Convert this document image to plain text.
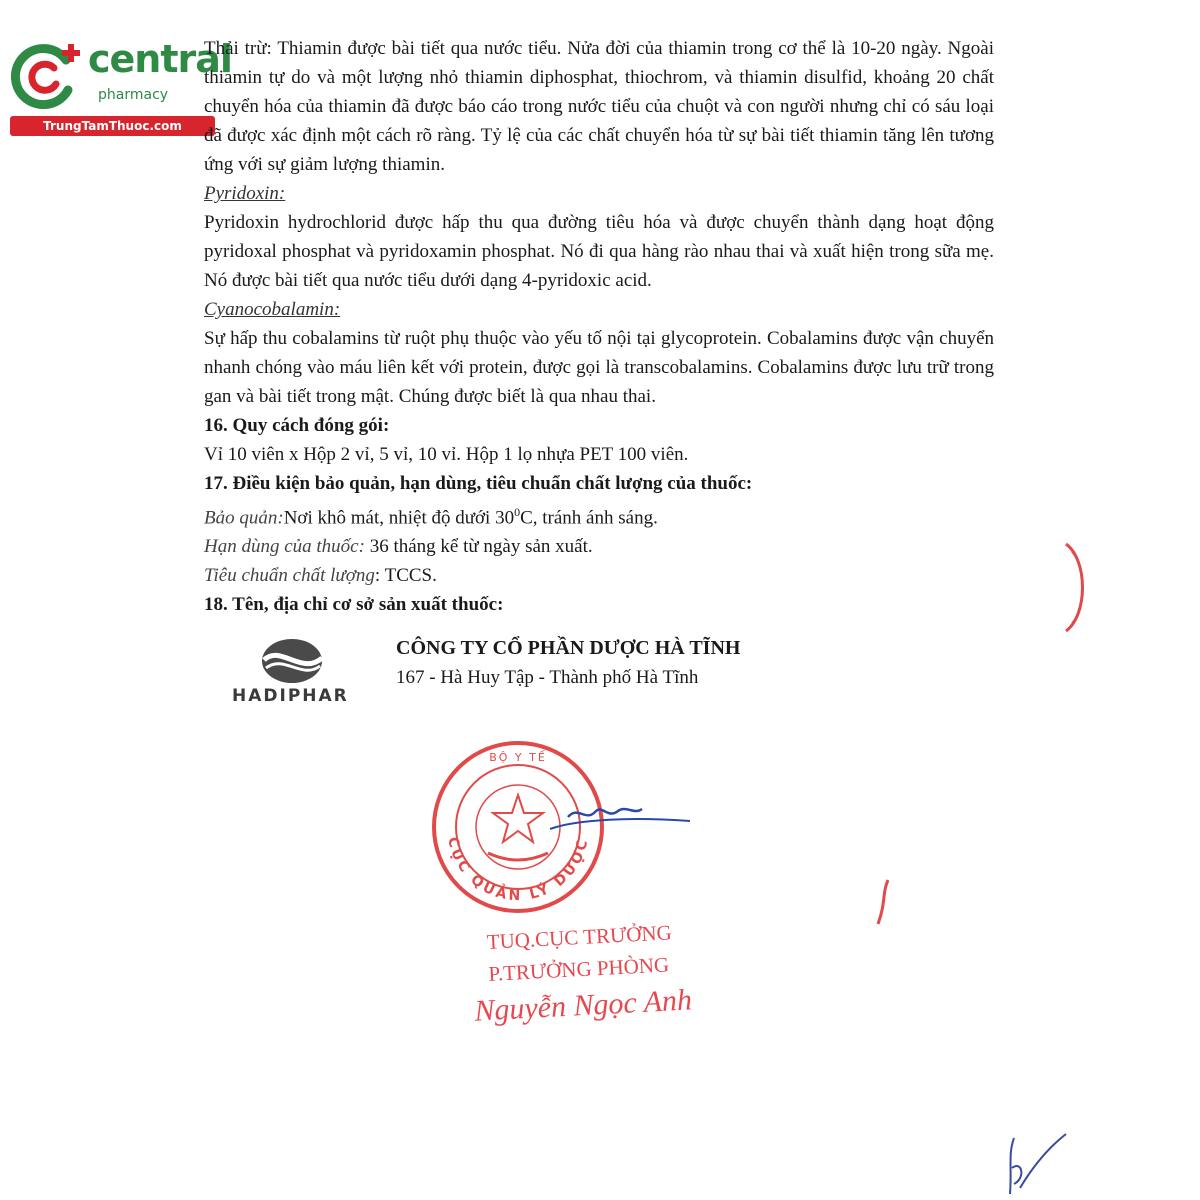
central
pharmacy
TrungTamThuoc.com

Thải trừ: Thiamin được bài tiết qua nước tiểu. Nửa đời của thiamin trong cơ thể là 10-20 ngày. Ngoài thiamin tự do và một lượng nhỏ thiamin diphosphat, thiochrom, và thiamin disulfid, khoảng 20 chất chuyển hóa của thiamin đã được báo cáo trong nước tiểu của chuột và con người nhưng chỉ có sáu loại đã được xác định một cách rõ ràng. Tỷ lệ của các chất chuyển hóa từ sự bài tiết thiamin tăng lên tương ứng với sự giảm lượng thiamin.

Pyridoxin:

Pyridoxin hydrochlorid được hấp thu qua đường tiêu hóa và được chuyển thành dạng hoạt động pyridoxal phosphat và pyridoxamin phosphat. Nó đi qua hàng rào nhau thai và xuất hiện trong sữa mẹ. Nó được bài tiết qua nước tiểu dưới dạng 4-pyridoxic acid.

Cyanocobalamin:

Sự hấp thu cobalamins từ ruột phụ thuộc vào yếu tố nội tại glycoprotein. Cobalamins được vận chuyển nhanh chóng vào máu liên kết với protein, được gọi là transcobalamins. Cobalamins được lưu trữ trong gan và bài tiết trong mật. Chúng được biết là qua nhau thai.

16. Quy cách đóng gói:

Vỉ 10 viên x Hộp 2 vỉ, 5 vỉ, 10 vỉ. Hộp 1 lọ nhựa PET 100 viên.

17. Điều kiện bảo quản, hạn dùng, tiêu chuẩn chất lượng của thuốc:

Bảo quản:Nơi khô mát, nhiệt độ dưới $30^0C$, tránh ánh sáng.

Hạn dùng của thuốc: 36 tháng kể từ ngày sản xuất.

Tiêu chuẩn chất lượng: TCCS.

18. Tên, địa chỉ cơ sở sản xuất thuốc:

HADIPHAR
CÔNG TY CỔ PHẦN DƯỢC HÀ TĨNH
167 - Hà Huy Tập - Thành phố Hà Tĩnh
BỘ Y TẾ
CỤC QUẢN LÝ DƯỢC
TUQ.CỤC TRƯỞNG
P.TRƯỞNG PHÒNG
Nguyễn Ngọc Anh
